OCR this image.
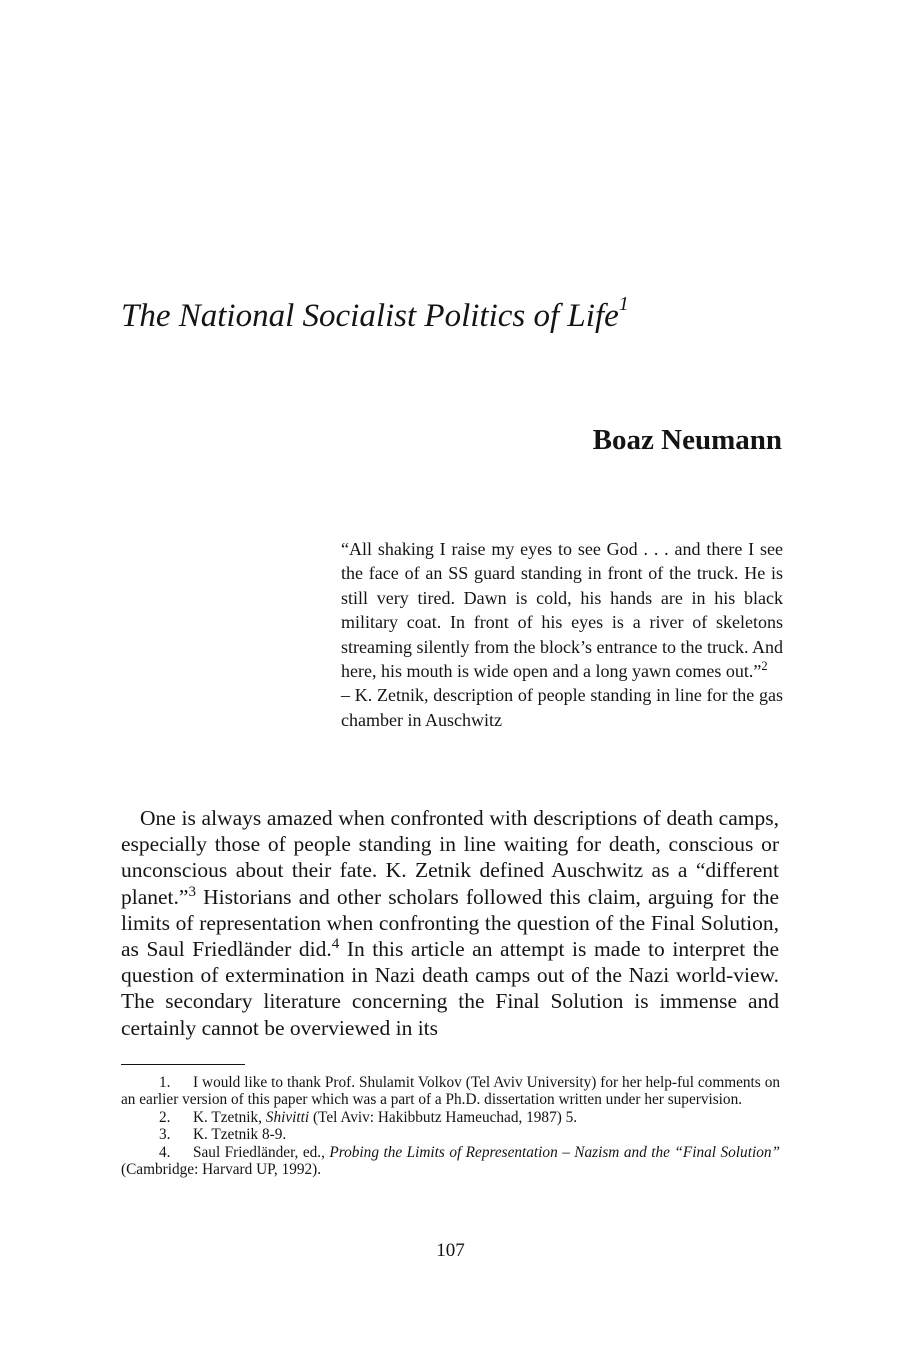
The National Socialist Politics of Life$^1$
Boaz Neumann

“All shaking I raise my eyes to see God . . . and there I see the face of an SS guard standing in front of the truck. He is still very tired. Dawn is cold, his hands are in his black military coat. In front of his eyes is a river of skeletons streaming silently from the block’s entrance to the truck. And here, his mouth is wide open and a long yawn comes out.”$^2$

– K. Zetnik, description of people standing in line for the gas chamber in Auschwitz

One is always amazed when confronted with descriptions of death camps, especially those of people standing in line waiting for death, conscious or unconscious about their fate. K. Zetnik defined Auschwitz as a “different planet.”$^3$ Historians and other scholars followed this claim, arguing for the limits of representation when confronting the question of the Final Solution, as Saul Friedländer did.$^4$ In this article an attempt is made to interpret the question of extermination in Nazi death camps out of the Nazi world-view. The secondary literature concerning the Final Solution is immense and certainly cannot be overviewed in its

1. I would like to thank Prof. Shulamit Volkov (Tel Aviv University) for her help-ful comments on an earlier version of this paper which was a part of a Ph.D. dissertation written under her supervision.

2. K. Tzetnik, Shivitti (Tel Aviv: Hakibbutz Hameuchad, 1987) 5.

3. K. Tzetnik 8-9.

4. Saul Friedländer, ed., Probing the Limits of Representation – Nazism and the “Final Solution” (Cambridge: Harvard UP, 1992).

107
